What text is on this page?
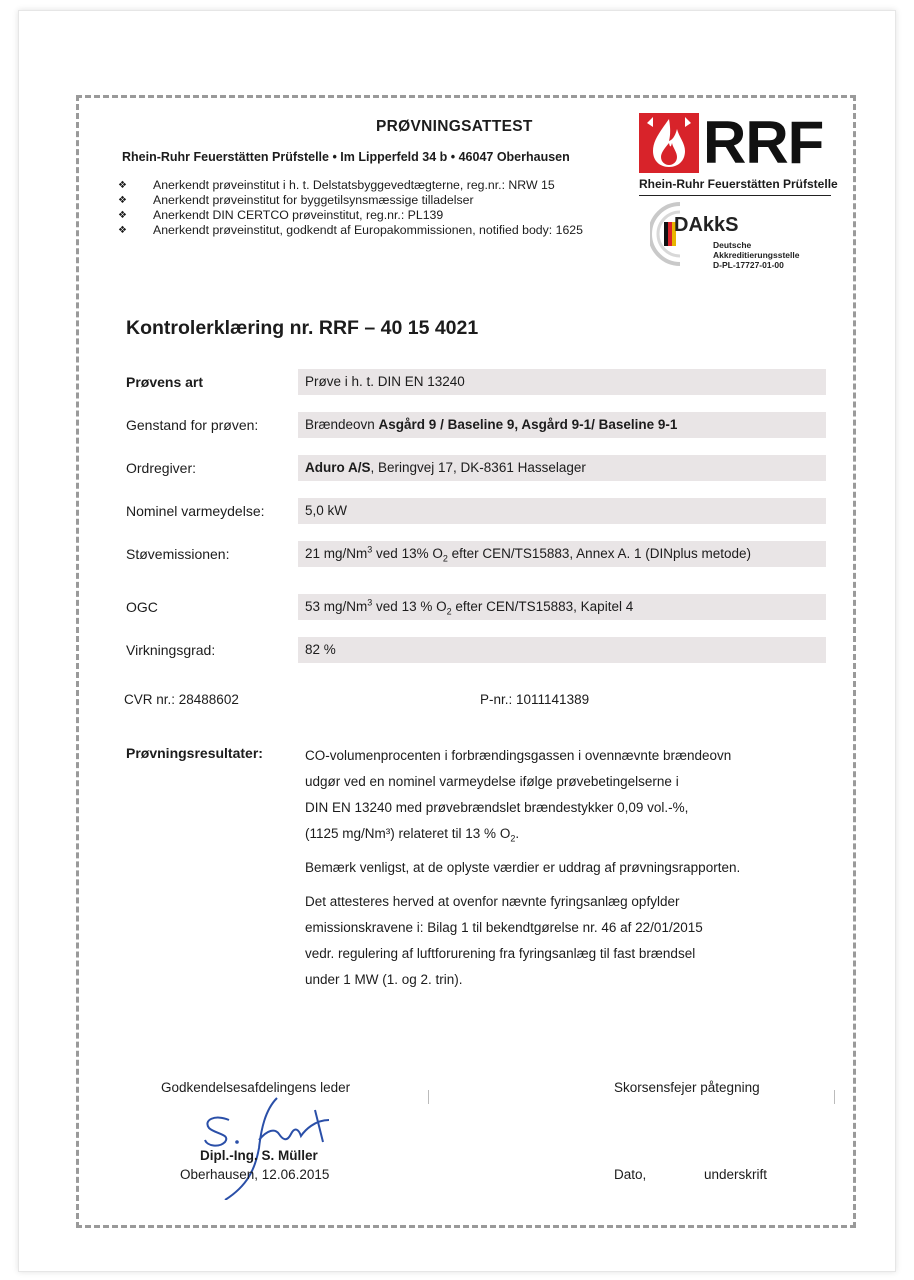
PRØVNINGSATTEST
Rhein-Ruhr Feuerstätten Prüfstelle • Im Lipperfeld 34 b • 46047 Oberhausen
❖	Anerkendt prøveinstitut i h. t. Delstatsbyggevedtægterne, reg.nr.: NRW 15
❖	Anerkendt prøveinstitut for byggetilsynsmæssige tilladelser
❖	Anerkendt DIN CERTCO prøveinstitut, reg.nr.: PL139
❖	Anerkendt prøveinstitut, godkendt af Europakommissionen, notified body: 1625
RRF
Rhein-Ruhr Feuerstätten Prüfstelle
DAkkS
Deutsche
Akkreditierungsstelle
D-PL-17727-01-00
Kontrolerklæring nr. RRF – 40 15 4021
Prøvens art	Prøve i h. t. DIN EN 13240
Genstand for prøven:	Brændeovn Asgård 9 / Baseline 9, Asgård 9-1/ Baseline 9-1
Ordregiver:	Aduro A/S, Beringvej 17, DK-8361 Hasselager
Nominel varmeydelse:	5,0 kW
Støvemissionen:	21 mg/Nm$^3$ ved 13% $O_2$ efter CEN/TS15883, Annex A. 1 (DINplus metode)
OGC	53 mg/Nm$^3$ ved 13 % $O_2$ efter CEN/TS15883, Kapitel 4
Virkningsgrad:	82 %
CVR nr.: 28488602	P-nr.: 1011141389
Prøvningsresultater:	CO-volumenprocenten i forbrændingsgassen i ovennævnte brændeovn
udgør ved en nominel varmeydelse ifølge prøvebetingelserne i
DIN EN 13240 med prøvebrændslet brændestykker 0,09 vol.-%,
(1125 mg/Nm³) relateret til 13 % $O_2$.
Bemærk venligst, at de oplyste værdier er uddrag af prøvningsrapporten.
Det attesteres herved at ovenfor nævnte fyringsanlæg opfylder
emissionskravene i: Bilag 1 til bekendtgørelse nr. 46 af 22/01/2015
vedr. regulering af luftforurening fra fyringsanlæg til fast brændsel
under 1 MW (1. og 2. trin).
Godkendelsesafdelingens leder
Dipl.-Ing. S. Müller
Oberhausen, 12.06.2015
Skorsensfejer påtegning
Dato,	underskrift
